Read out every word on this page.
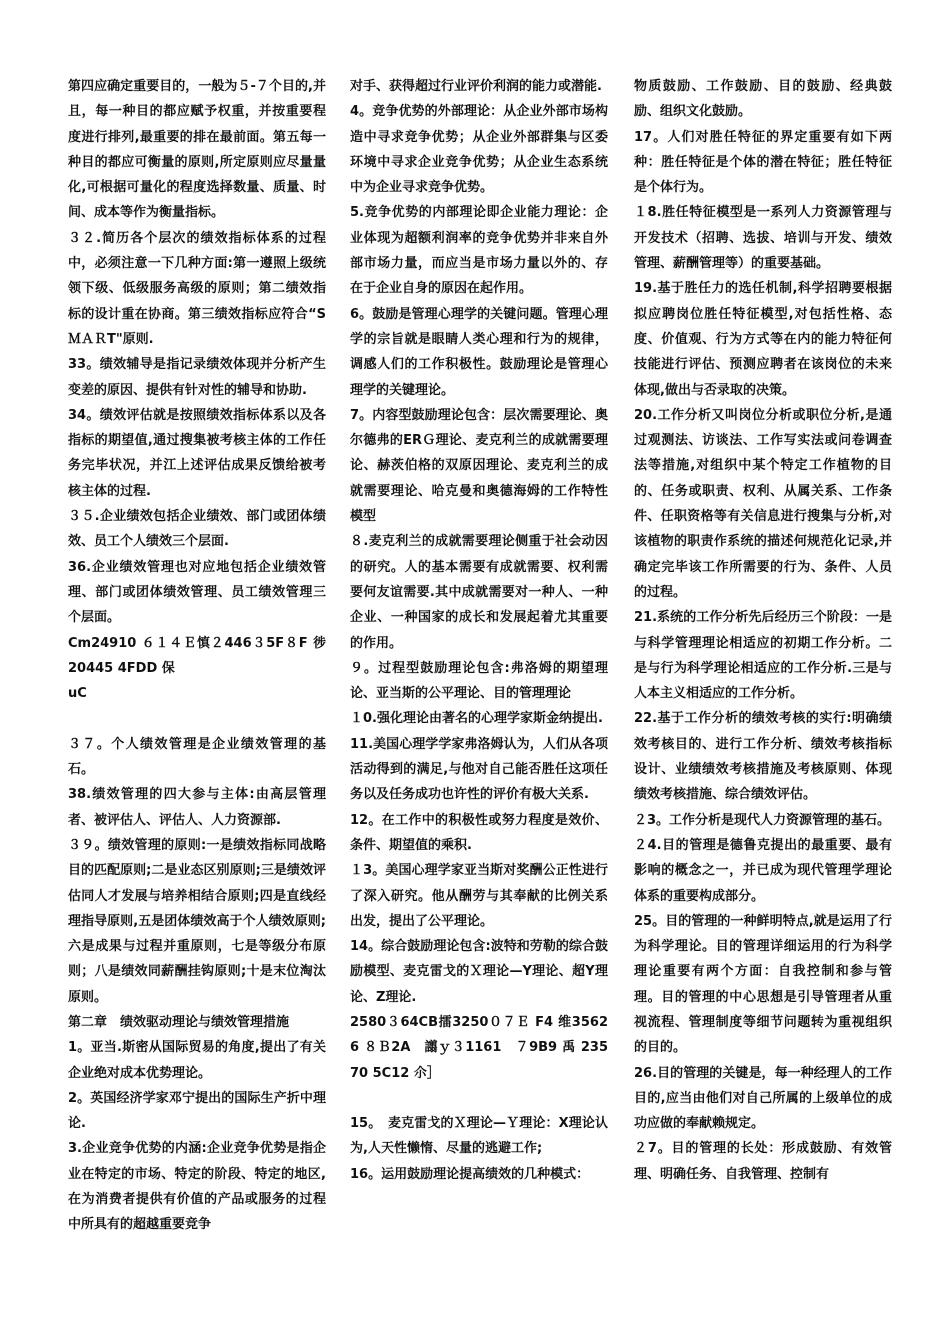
第四应确定重要目的，一般为５-７个目的,并且，每一种目的都应赋予权重，并按重要程度进行排列,最重要的排在最前面。第五每一种目的都应可衡量的原则,所定原则应尽量量化,可根据可量化的程度选择数量、质量、时间、成本等作为衡量指标。

３２.简历各个层次的绩效指标体系的过程中，必须注意一下几种方面:第一遵照上级统领下级、低级服务高级的原则；第二绩效指标的设计重在协商。第三绩效指标应符合“SＭＡＲT"原则.

33。绩效辅导是指记录绩效体现并分析产生变差的原因、提供有针对性的辅导和协助.

34。绩效评估就是按照绩效指标体系以及各指标的期望值,通过搜集被考核主体的工作任务完毕状况，并江上述评估成果反馈给被考核主体的过程.

３５.企业绩效包括企业绩效、部门或团体绩效、员工个人绩效三个层面.

36.企业绩效管理也对应地包括企业绩效管理、部门或团体绩效管理、员工绩效管理三个层面。

Cm24910 ６１４Ｅ慎２446３5F８F 徏 20445 4FDD 保

uC

３７。个人绩效管理是企业绩效管理的基石。

38.绩效管理的四大参与主体:由高层管理者、被评估人、评估人、人力资源部.

３９。绩效管理的原则:一是绩效指标同战略目的匹配原则;二是业态区别原则;三是绩效评估同人才发展与培养相结合原则;四是直线经理指导原则,五是团体绩效高于个人绩效原则;六是成果与过程并重原则，七是等级分布原则；八是绩效同薪酬挂钩原则;十是末位淘汰原则。

第二章　绩效驱动理论与绩效管理措施

1。亚当.斯密从国际贸易的角度,提出了有关企业绝对成本优势理论。

2。英国经济学家邓宁提出的国际生产折中理论.

3.企业竞争优势的内涵:企业竞争优势是指企业在特定的市场、特定的阶段、特定的地区,在为消费者提供有价值的产品或服务的过程中所具有的超越重要竞争

对手、获得超过行业评价利润的能力或潜能.

4。竞争优势的外部理论：从企业外部市场构造中寻求竞争优势；从企业外部群集与区委环境中寻求企业竞争优势；从企业生态系统中为企业寻求竞争优势。

5.竞争优势的内部理论即企业能力理论：企业体现为超额利润率的竞争优势并非来自外部市场力量，而应当是市场力量以外的、存在于企业自身的原因在起作用。

6。鼓励是管理心理学的关键问题。管理心理学的宗旨就是眼睛人类心理和行为的规律，调感人们的工作积极性。鼓励理论是管理心理学的关键理论。

7。内容型鼓励理论包含：层次需要理论、奥尔德弗的ERＧ理论、麦克利兰的成就需要理论、赫茨伯格的双原因理论、麦克利兰的成就需要理论、哈克曼和奥德海姆的工作特性模型

８.麦克利兰的成就需要理论侧重于社会动因的研究。人的基本需要有成就需要、权利需要何友谊需要.其中成就需要对一种人、一种企业、一种国家的成长和发展起着尤其重要的作用。

９。过程型鼓励理论包含:弗洛姆的期望理论、亚当斯的公平理论、目的管理理论

１0.强化理论由著名的心理学家斯金纳提出.

11.美国心理学学家弗洛姆认为，人们从各项活动得到的满足,与他对自己能否胜任这项任务以及任务成功也许性的评价有极大关系.

12。在工作中的积极性或努力程度是效价、条件、期望值的乘积.

１3。美国心理学家亚当斯对奖酬公正性进行了深入研究。他从酬劳与其奉献的比例关系出发，提出了公平理论。

14。综合鼓励理论包含:波特和劳勒的综合鼓励模型、麦克雷戈的Ｘ理论—Y理论、超Y理论、Z理论.

2580３64CB擂3250０７Ｅ F4 维35626 ８Ｂ2A　譾ｙ３1161　７9B9 禹 23570 5C12 尒］

15。　麦克雷戈的Ｘ理论—Ｙ理论：X理论认为,人天性懒惰、尽量的逃避工作;

16。运用鼓励理论提高绩效的几种模式：

物质鼓励、工作鼓励、目的鼓励、经典鼓励、组织文化鼓励。

17。人们对胜任特征的界定重要有如下两种：胜任特征是个体的潜在特征；胜任特征是个体行为。

１8.胜任特征模型是一系列人力资源管理与开发技术（招聘、选拔、培训与开发、绩效管理、薪酬管理等）的重要基础。

19.基于胜任力的选任机制,科学招聘要根据拟应聘岗位胜任特征模型,对包括性格、态度、价值观、行为方式等在内的能力特征何技能进行评估、预测应聘者在该岗位的未来体现,做出与否录取的决策。

20.工作分析又叫岗位分析或职位分析,是通过观测法、访谈法、工作写实法或问卷调查法等措施,对组织中某个特定工作植物的目的、任务或职责、权利、从属关系、工作条件、任职资格等有关信息进行搜集与分析,对该植物的职责作系统的描述何规范化记录,并确定完毕该工作所需要的行为、条件、人员的过程。

21.系统的工作分析先后经历三个阶段：一是与科学管理理论相适应的初期工作分析。二是与行为科学理论相适应的工作分析.三是与人本主义相适应的工作分析。

22.基于工作分析的绩效考核的实行:明确绩效考核目的、进行工作分析、绩效考核指标设计、业绩绩效考核措施及考核原则、体现绩效考核措施、综合绩效评估。

２3。工作分析是现代人力资源管理的基石。

２4.目的管理是德鲁克提出的最重要、最有影响的概念之一，并已成为现代管理学理论体系的重要构成部分。

25。目的管理的一种鲜明特点,就是运用了行为科学理论。目的管理详细运用的行为科学理论重要有两个方面：自我控制和参与管理。目的管理的中心思想是引导管理者从重视流程、管理制度等细节问题转为重视组织的目的。

26.目的管理的关键是，每一种经理人的工作目的,应当由他们对自己所属的上级单位的成功应做的奉献赖规定。

２7。目的管理的长处：形成鼓励、有效管理、明确任务、自我管理、控制有
